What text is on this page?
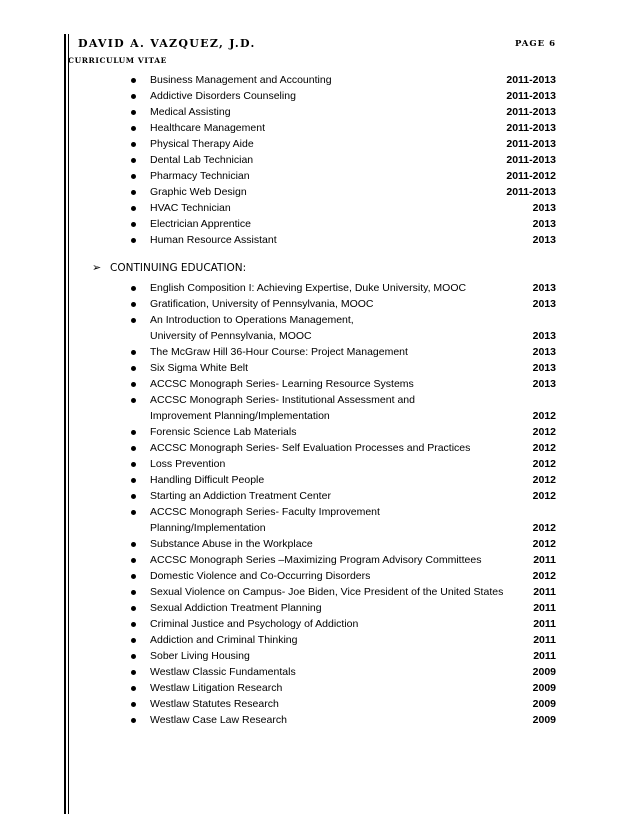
DAVID A. VAZQUEZ, J.D.	PAGE 6
CURRICULUM VITAE
Business Management and Accounting	2011-2013
Addictive Disorders Counseling	2011-2013
Medical Assisting	2011-2013
Healthcare Management	2011-2013
Physical Therapy Aide	2011-2013
Dental Lab Technician	2011-2013
Pharmacy Technician	2011-2012
Graphic Web Design	2011-2013
HVAC Technician	2013
Electrician Apprentice	2013
Human Resource Assistant	2013
➢ CONTINUING EDUCATION:
English Composition I: Achieving Expertise, Duke University, MOOC	2013
Gratification, University of Pennsylvania, MOOC	2013
An Introduction to Operations Management,

University of Pennsylvania, MOOC	2013
The McGraw Hill 36-Hour Course: Project Management	2013
Six Sigma White Belt	2013
ACCSC Monograph Series- Learning Resource Systems	2013
ACCSC Monograph Series- Institutional Assessment and

Improvement Planning/Implementation	2012
Forensic Science Lab Materials	2012
ACCSC Monograph Series- Self Evaluation Processes and Practices	2012
Loss Prevention	2012
Handling Difficult People	2012
Starting an Addiction Treatment Center	2012
ACCSC Monograph Series- Faculty Improvement

Planning/Implementation	2012
Substance Abuse in the Workplace	2012
ACCSC Monograph Series –Maximizing Program Advisory Committees	2011
Domestic Violence and Co-Occurring Disorders	2012
Sexual Violence on Campus- Joe Biden, Vice President of the United States	2011
Sexual Addiction Treatment Planning	2011
Criminal Justice and Psychology of Addiction	2011
Addiction and Criminal Thinking	2011
Sober Living Housing	2011
Westlaw Classic Fundamentals	2009
Westlaw Litigation Research	2009
Westlaw Statutes Research	2009
Westlaw Case Law Research	2009
